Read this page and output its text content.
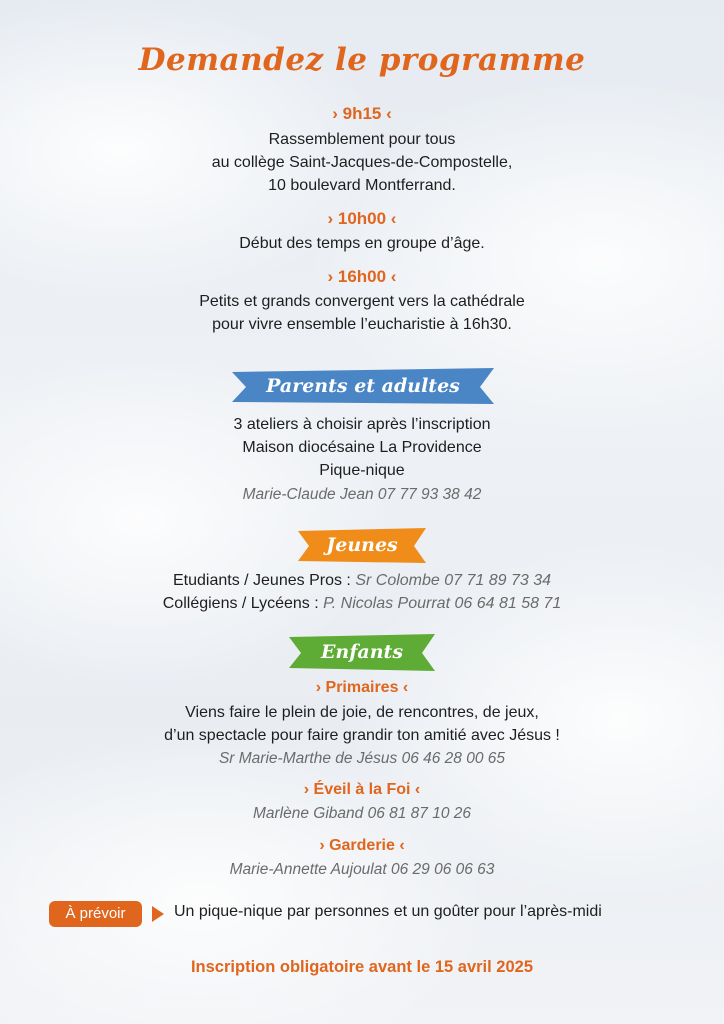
Demandez le programme
› 9h15 ‹
Rassemblement pour tous
au collège Saint-Jacques-de-Compostelle,
10 boulevard Montferrand.
› 10h00 ‹
Début des temps en groupe d’âge.
› 16h00 ‹
Petits et grands convergent vers la cathédrale
pour vivre ensemble l’eucharistie à 16h30.
Parents et adultes
3 ateliers à choisir après l’inscription
Maison diocésaine La Providence
Pique-nique
Marie-Claude Jean 07 77 93 38 42
Jeunes
Etudiants / Jeunes Pros : Sr Colombe 07 71 89 73 34
Collégiens / Lycéens : P. Nicolas Pourrat 06 64 81 58 71
Enfants
› Primaires ‹
Viens faire le plein de joie, de rencontres, de jeux,
d’un spectacle pour faire grandir ton amitié avec Jésus !
Sr Marie-Marthe de Jésus 06 46 28 00 65
› Éveil à la Foi ‹
Marlène Giband 06 81 87 10 26
› Garderie ‹
Marie-Annette Aujoulat 06 29 06 06 63
À prévoir	Un pique-nique par personnes et un goûter pour l’après-midi
Inscription obligatoire avant le 15 avril 2025
